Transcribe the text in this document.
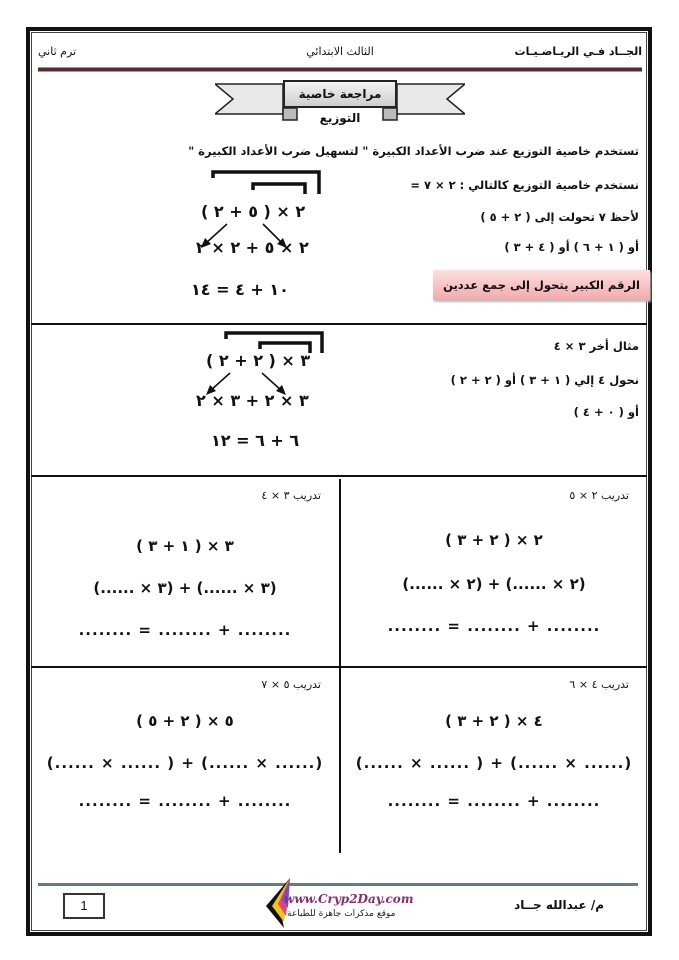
الجــاد فـي الريـاضـيـات
الثالث الابتدائي
ترم ثاني
مراجعة خاصية التوزيع
تستخدم خاصية التوزيع عند ضرب الأعداد الكبيرة " لتسهيل ضرب الأعداد الكبيرة "
نستخدم خاصية التوزيع كالتالي : ٢ × ٧ =
لأحظ ٧ تحولت إلى ( ٢ + ٥ )
أو ( ١ + ٦ ) أو ( ٤ + ٣ )
الرقم الكبير يتحول إلى جمع عددين
٢ × ( ٥ + ٢ )
٢ × ٥ + ٢ × ٢
١٠ + ٤ = ١٤
مثال أخر ٣ × ٤
نحول ٤ إلي ( ١ + ٣ ) أو ( ٢ + ٢ )
أو ( ٠ + ٤ )
٣ × ( ٢ + ٢ )
٣ × ٢ + ٣ × ٢
٦ + ٦ = ١٢
تدريب ٢ × ٥
٢ × ( ٢ + ٣ )
(٢ × ......) + (٢ × ......)
........ + ........ = ........
تدريب ٣ × ٤
٣ × ( ١ + ٣ )
(٣ × ......) + (٣ × ......)
........ + ........ = ........
تدريب ٤ × ٦
٤ × ( ٢ + ٣ )
(...... × ......) + ( ...... × ......)
........ + ........ = ........
تدريب ٥ × ٧
٥ × ( ٢ + ٥ )
(...... × ......) + ( ...... × ......)
........ + ........ = ........
1	www.Cryp2Day.com
موقع مذكرات جاهزة للطباعة
م/ عبدالله جــاد
